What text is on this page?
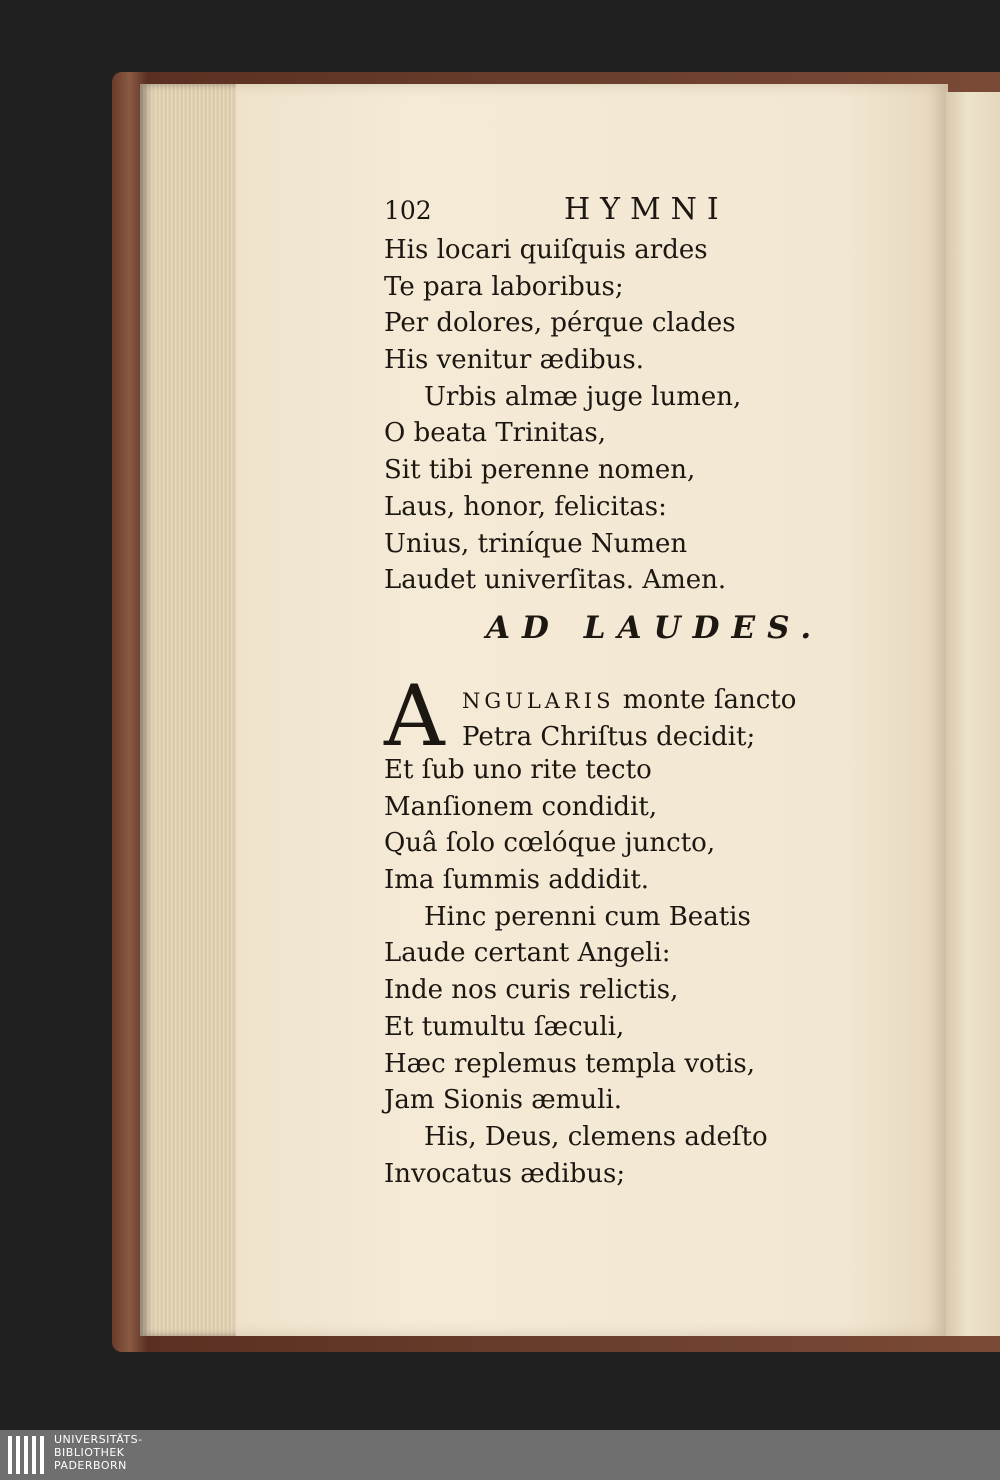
102	HYMNI
His locari quiſquis ardes
Te para laboribus;
Per dolores, pérque clades
His venitur ædibus.
Urbis almæ juge lumen,
O beata Trinitas,
Sit tibi perenne nomen,
Laus, honor, felicitas:
Unius, triníque Numen
Laudet univerſitas. Amen.
AD LAUDES.
A NGULARIS monte ſancto
Petra Chriſtus decidit;
Et ſub uno rite tecto
Manſionem condidit,
Quâ ſolo cœlóque juncto,
Ima ſummis addidit.
Hinc perenni cum Beatis
Laude certant Angeli:
Inde nos curis relictis,
Et tumultu ſæculi,
Hæc replemus templa votis,
Jam Sionis æmuli.
His, Deus, clemens adeſto
Invocatus ædibus;
UNIVERSITÄTS-
BIBLIOTHEK
PADERBORN
